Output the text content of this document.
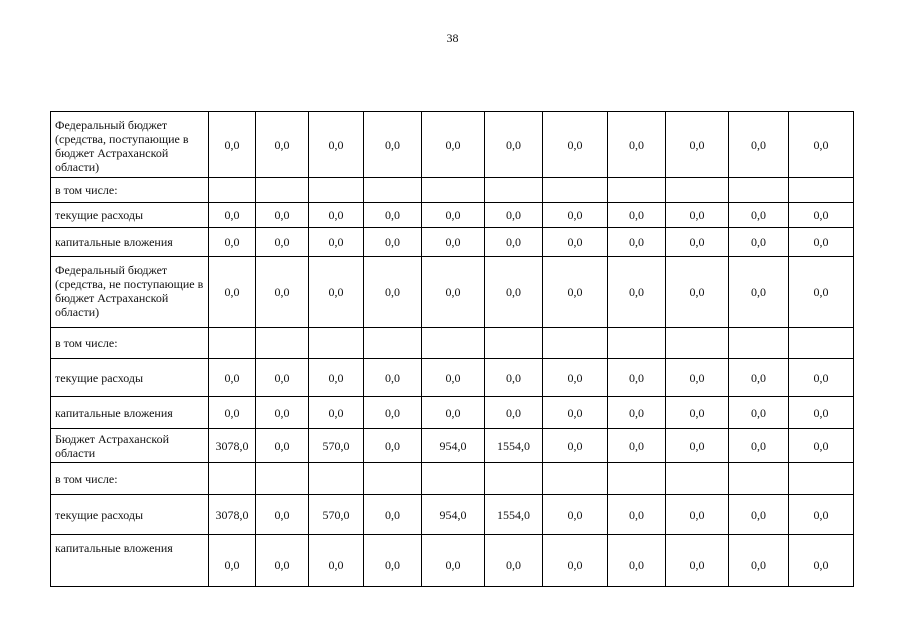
38
Федеральный бюджет (средства, поступающие в бюджет Астраханской области)	0,0	0,0	0,0	0,0	0,0	0,0	0,0	0,0	0,0	0,0	0,0
в том числе:											
текущие расходы	0,0	0,0	0,0	0,0	0,0	0,0	0,0	0,0	0,0	0,0	0,0
капитальные вложения	0,0	0,0	0,0	0,0	0,0	0,0	0,0	0,0	0,0	0,0	0,0
Федеральный бюджет (средства, не поступающие в бюджет Астраханской области)	0,0	0,0	0,0	0,0	0,0	0,0	0,0	0,0	0,0	0,0	0,0
в том числе:											
текущие расходы	0,0	0,0	0,0	0,0	0,0	0,0	0,0	0,0	0,0	0,0	0,0
капитальные вложения	0,0	0,0	0,0	0,0	0,0	0,0	0,0	0,0	0,0	0,0	0,0
Бюджет Астраханской области	3078,0	0,0	570,0	0,0	954,0	1554,0	0,0	0,0	0,0	0,0	0,0
в том числе:											
текущие расходы	3078,0	0,0	570,0	0,0	954,0	1554,0	0,0	0,0	0,0	0,0	0,0
капитальные вложения	0,0	0,0	0,0	0,0	0,0	0,0	0,0	0,0	0,0	0,0	0,0
